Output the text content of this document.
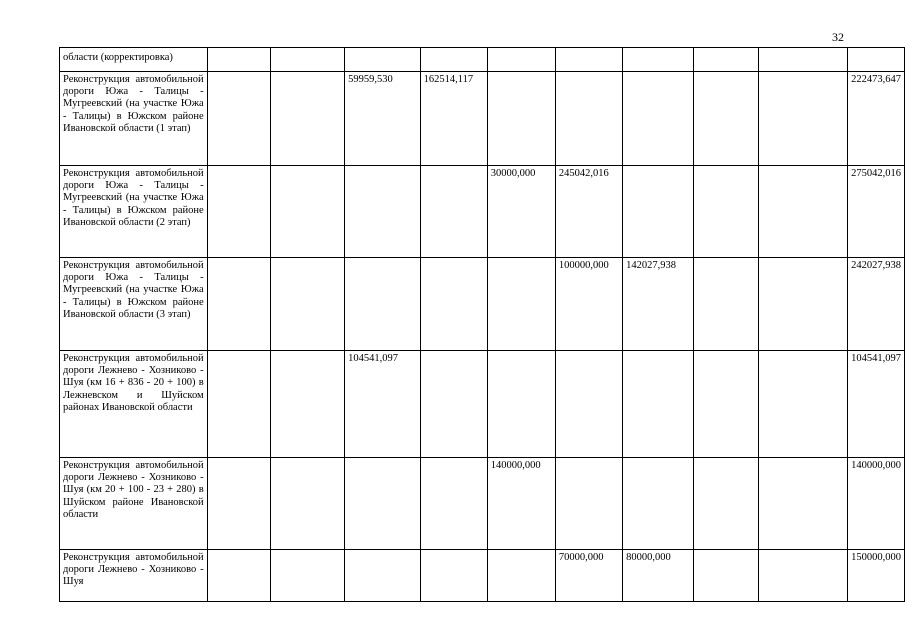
32
области (корректировка)										
Реконструкция автомобильной дороги Южа - Талицы - Мугреевский (на участке Южа - Талицы) в Южском районе Ивановской области (1 этап)			59959,530	162514,117						222473,647
Реконструкция автомобильной дороги Южа - Талицы - Мугреевский (на участке Южа - Талицы) в Южском районе Ивановской области (2 этап)					30000,000	245042,016				275042,016
Реконструкция автомобильной дороги Южа - Талицы - Мугреевский (на участке Южа - Талицы) в Южском районе Ивановской области (3 этап)						100000,000	142027,938			242027,938
Реконструкция автомобильной дороги Лежнево - Хозниково - Шуя (км 16 + 836 - 20 + 100) в Лежневском и Шуйском районах Ивановской области			104541,097							104541,097
Реконструкция автомобильной дороги Лежнево - Хозниково - Шуя (км 20 + 100 - 23 + 280) в Шуйском районе Ивановской области					140000,000					140000,000
Реконструкция автомобильной дороги Лежнево - Хозниково - Шуя						70000,000	80000,000			150000,000
